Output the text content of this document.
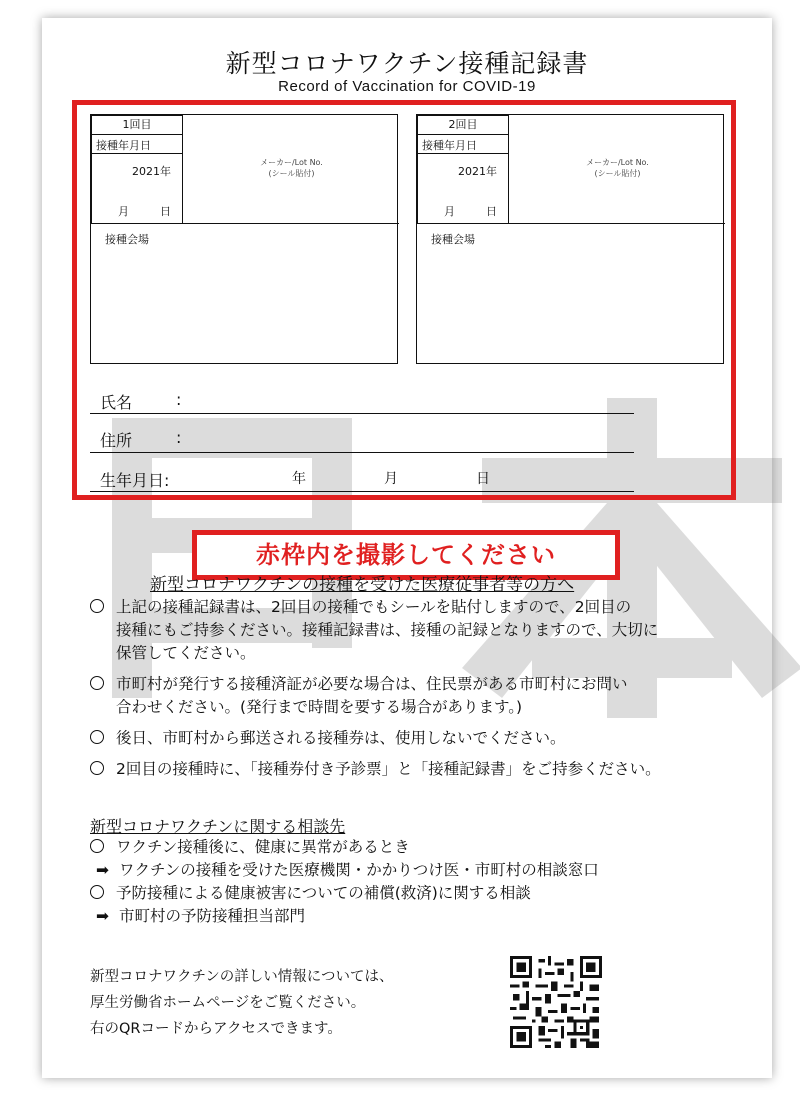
新型コロナワクチン接種記録書
Record of Vaccination for COVID-19
1回目
接種年月日
2021年
月	日
メーカー/Lot No.
(シール貼付)
接種会場
2回目
接種年月日
2021年
月	日
メーカー/Lot No.
(シール貼付)
接種会場
氏名	:
住所	:
生年月日:	年	月	日
赤枠内を撮影してください
新型コロナワクチンの接種を受けた医療従事者等の方へ
上記の接種記録書は、2回目の接種でもシールを貼付しますので、2回目の
接種にもご持参ください。接種記録書は、接種の記録となりますので、大切に
保管してください。
市町村が発行する接種済証が必要な場合は、住民票がある市町村にお問い
合わせください。(発行まで時間を要する場合があります。)
後日、市町村から郵送される接種券は、使用しないでください。
2回目の接種時に、「接種券付き予診票」と「接種記録書」をご持参ください。
新型コロナワクチンに関する相談先
ワクチン接種後に、健康に異常があるとき
➡ ワクチンの接種を受けた医療機関・かかりつけ医・市町村の相談窓口
予防接種による健康被害についての補償(救済)に関する相談
➡ 市町村の予防接種担当部門
新型コロナワクチンの詳しい情報については、
厚生労働省ホームページをご覧ください。
右のQRコードからアクセスできます。
